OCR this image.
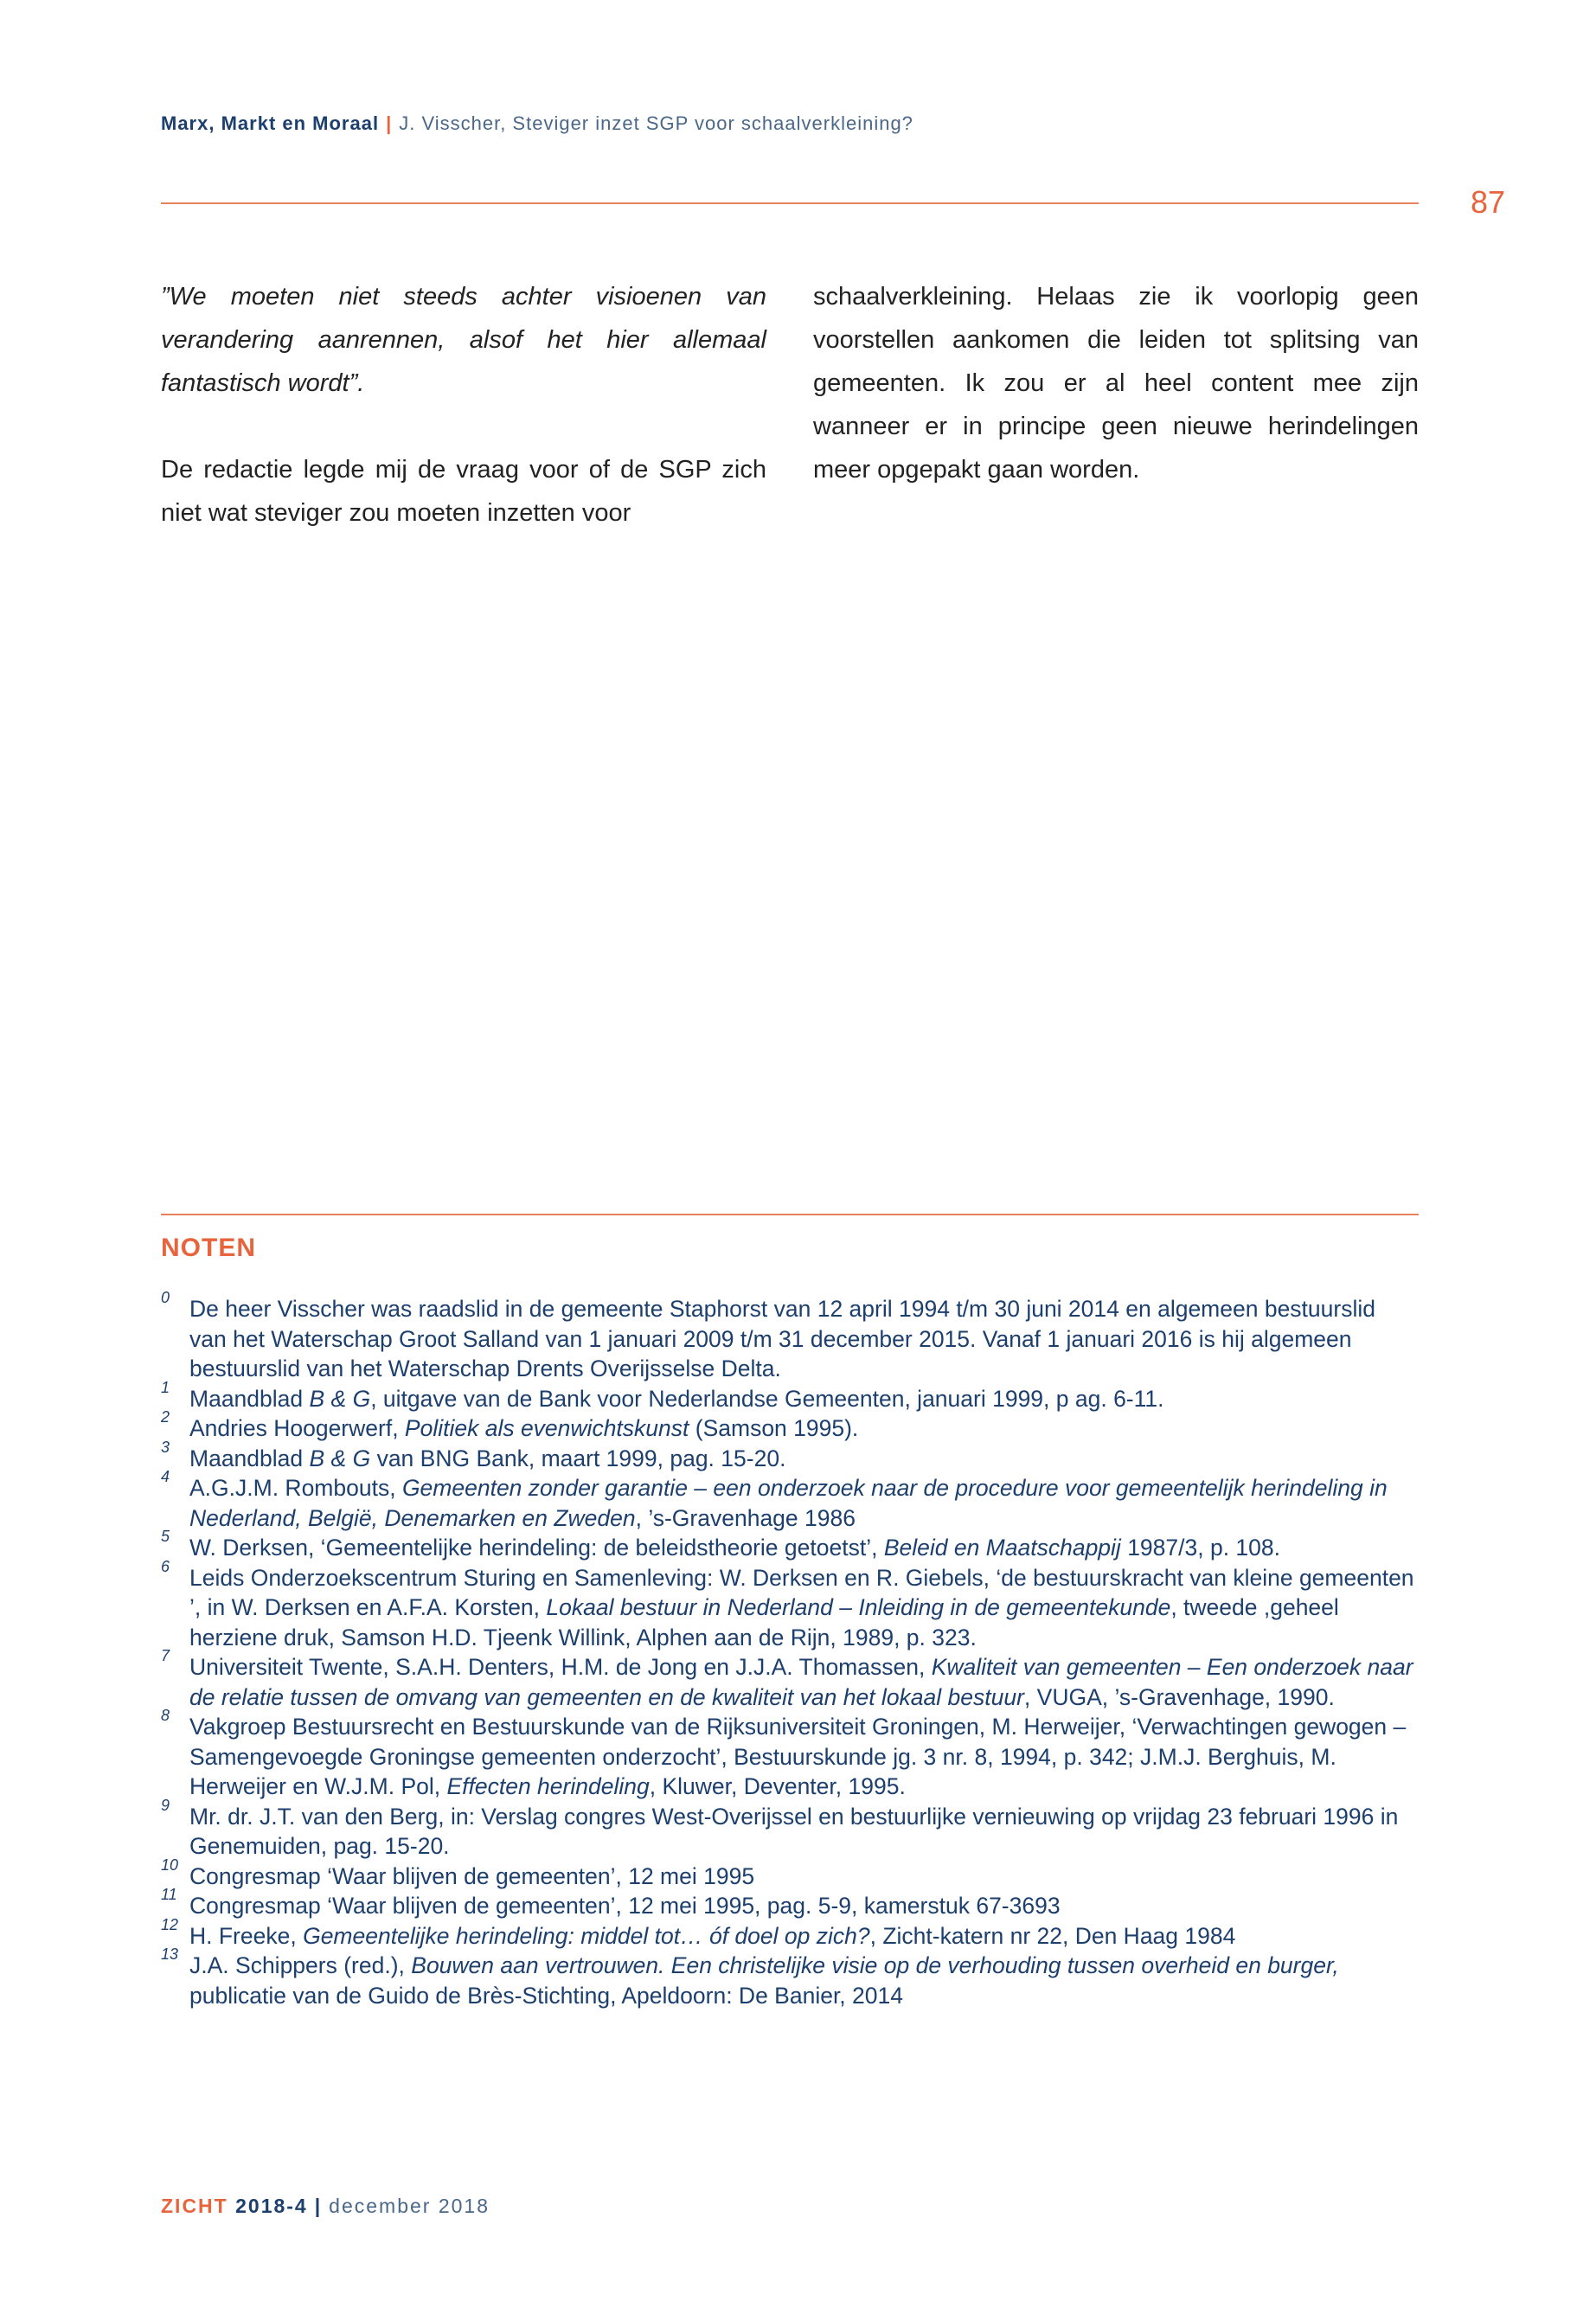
Marx, Markt en Moraal | J. Visscher, Steviger inzet SGP voor schaalverkleining?
87

”We moeten niet steeds achter visioenen van verandering aanrennen, alsof het hier allemaal fantastisch wordt”.

De redactie legde mij de vraag voor of de SGP zich niet wat steviger zou moeten inzetten voor

schaalverkleining. Helaas zie ik voorlopig geen voorstellen aankomen die leiden tot splitsing van gemeenten. Ik zou er al heel content mee zijn wanneer er in principe geen nieuwe herindelingen meer opgepakt gaan worden.

NOTEN
0 De heer Visscher was raadslid in de gemeente Staphorst van 12 april 1994 t/m 30 juni 2014 en algemeen bestuurslid van het Waterschap Groot Salland van 1 januari 2009 t/m 31 december 2015. Vanaf 1 januari 2016 is hij algemeen bestuurslid van het Waterschap Drents Overijsselse Delta.
1 Maandblad B & G, uitgave van de Bank voor Nederlandse Gemeenten, januari 1999, p ag. 6-11.
2 Andries Hoogerwerf, Politiek als evenwichtskunst (Samson 1995).
3 Maandblad B & G van BNG Bank, maart 1999, pag. 15-20.
4 A.G.J.M. Rombouts, Gemeenten zonder garantie – een onderzoek naar de procedure voor gemeentelijk herindeling in Nederland, België, Denemarken en Zweden, ’s-Gravenhage 1986
5 W. Derksen, ‘Gemeentelijke herindeling: de beleidstheorie getoetst’, Beleid en Maatschappij 1987/3, p. 108.
6 Leids Onderzoekscentrum Sturing en Samenleving: W. Derksen en R. Giebels, ‘de bestuurskracht van kleine gemeenten ’, in W. Derksen en A.F.A. Korsten, Lokaal bestuur in Nederland – Inleiding in de gemeentekunde, tweede ,geheel herziene druk, Samson H.D. Tjeenk Willink, Alphen aan de Rijn, 1989, p. 323.
7 Universiteit Twente, S.A.H. Denters, H.M. de Jong en J.J.A. Thomassen, Kwaliteit van gemeenten – Een onderzoek naar de relatie tussen de omvang van gemeenten en de kwaliteit van het lokaal bestuur, VUGA, ’s-Gravenhage, 1990.
8 Vakgroep Bestuursrecht en Bestuurskunde van de Rijksuniversiteit Groningen, M. Herweijer, ‘Verwachtingen gewogen – Samengevoegde Groningse gemeenten onderzocht’, Bestuurskunde jg. 3 nr. 8, 1994, p. 342; J.M.J. Berghuis, M. Herweijer en W.J.M. Pol, Effecten herindeling, Kluwer, Deventer, 1995.
9 Mr. dr. J.T. van den Berg, in: Verslag congres West-Overijssel en bestuurlijke vernieuwing op vrijdag 23 februari 1996 in Genemuiden, pag. 15-20.
10 Congresmap ‘Waar blijven de gemeenten’, 12 mei 1995
11 Congresmap ‘Waar blijven de gemeenten’, 12 mei 1995, pag. 5-9, kamerstuk 67-3693
12 H. Freeke, Gemeentelijke herindeling: middel tot… óf doel op zich?, Zicht-katern nr 22, Den Haag 1984
13 J.A. Schippers (red.), Bouwen aan vertrouwen. Een christelijke visie op de verhouding tussen overheid en burger, publicatie van de Guido de Brès-Stichting, Apeldoorn: De Banier, 2014
ZICHT 2018-4 | december 2018
